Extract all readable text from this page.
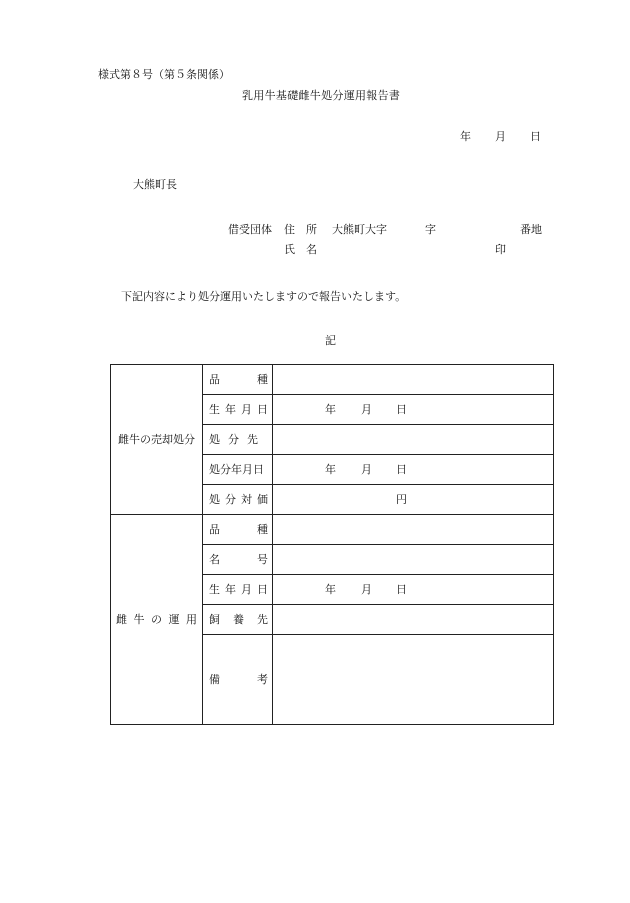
様式第８号（第５条関係）
乳用牛基礎雌牛処分運用報告書
年 月 日
大熊町長
借受団体 住 所 大熊町大字	字	番地
氏 名	印
下記内容により処分運用いたしますので報告いたします。
記
雌牛の売却処分	品 種	

	生 年 月 日	年 月 日

	処 分 先	

	処分年月日	年 月 日

	処 分 対 価	円

雌 牛 の 運 用	品 種	

	名 号	

	生 年 月 日	年 月 日

	飼 養 先	

	備 考	
